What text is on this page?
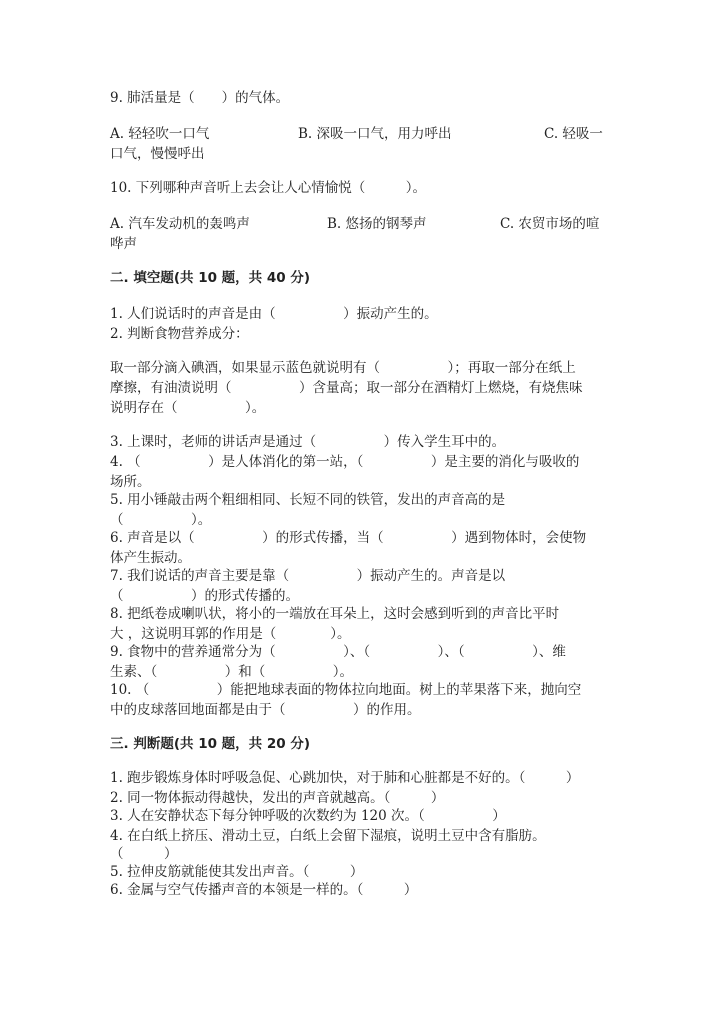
9. 肺活量是（　　）的气体。
A. 轻轻吹一口气	B. 深吸一口气，用力呼出	C. 轻吸一
口气，慢慢呼出
10. 下列哪种声音听上去会让人心情愉悦（　　　）。
A. 汽车发动机的轰鸣声	B. 悠扬的钢琴声	C. 农贸市场的喧
哗声
二. 填空题(共 10 题，共 40 分)
1. 人们说话时的声音是由（　　　　　）振动产生的。
2. 判断食物营养成分：
取一部分滴入碘酒，如果显示蓝色就说明有（　　　　　）；再取一部分在纸上
摩擦，有油渍说明（　　　　　）含量高；取一部分在酒精灯上燃烧，有烧焦味
说明存在（　　　　　）。
3. 上课时，老师的讲话声是通过（　　　　　）传入学生耳中的。
4. （　　　　　）是人体消化的第一站，（　　　　　）是主要的消化与吸收的
场所。
5. 用小锤敲击两个粗细相同、长短不同的铁管，发出的声音高的是
（　　　　　）。
6. 声音是以（　　　　　）的形式传播，当（　　　　　）遇到物体时，会使物
体产生振动。
7. 我们说话的声音主要是靠（　　　　　）振动产生的。声音是以
（　　　　　）的形式传播的。
8. 把纸卷成喇叭状，将小的一端放在耳朵上，这时会感到听到的声音比平时
大 ，这说明耳郭的作用是（　　　　）。
9. 食物中的营养通常分为（　　　　　）、（　　　　　）、（　　　　　）、维
生素、（　　　　　）和（　　　　　）。
10. （　　　　　）能把地球表面的物体拉向地面。树上的苹果落下来，抛向空
中的皮球落回地面都是由于（　　　　　）的作用。
三. 判断题(共 10 题，共 20 分)
1. 跑步锻炼身体时呼吸急促、心跳加快，对于肺和心脏都是不好的。（　　　）
2. 同一物体振动得越快，发出的声音就越高。（　　　）
3. 人在安静状态下每分钟呼吸的次数约为 120 次。（　　　　　）
4. 在白纸上挤压、滑动土豆，白纸上会留下湿痕，说明土豆中含有脂肪。
（　　　）
5. 拉伸皮筋就能使其发出声音。（　　　）
6. 金属与空气传播声音的本领是一样的。（　　　）
